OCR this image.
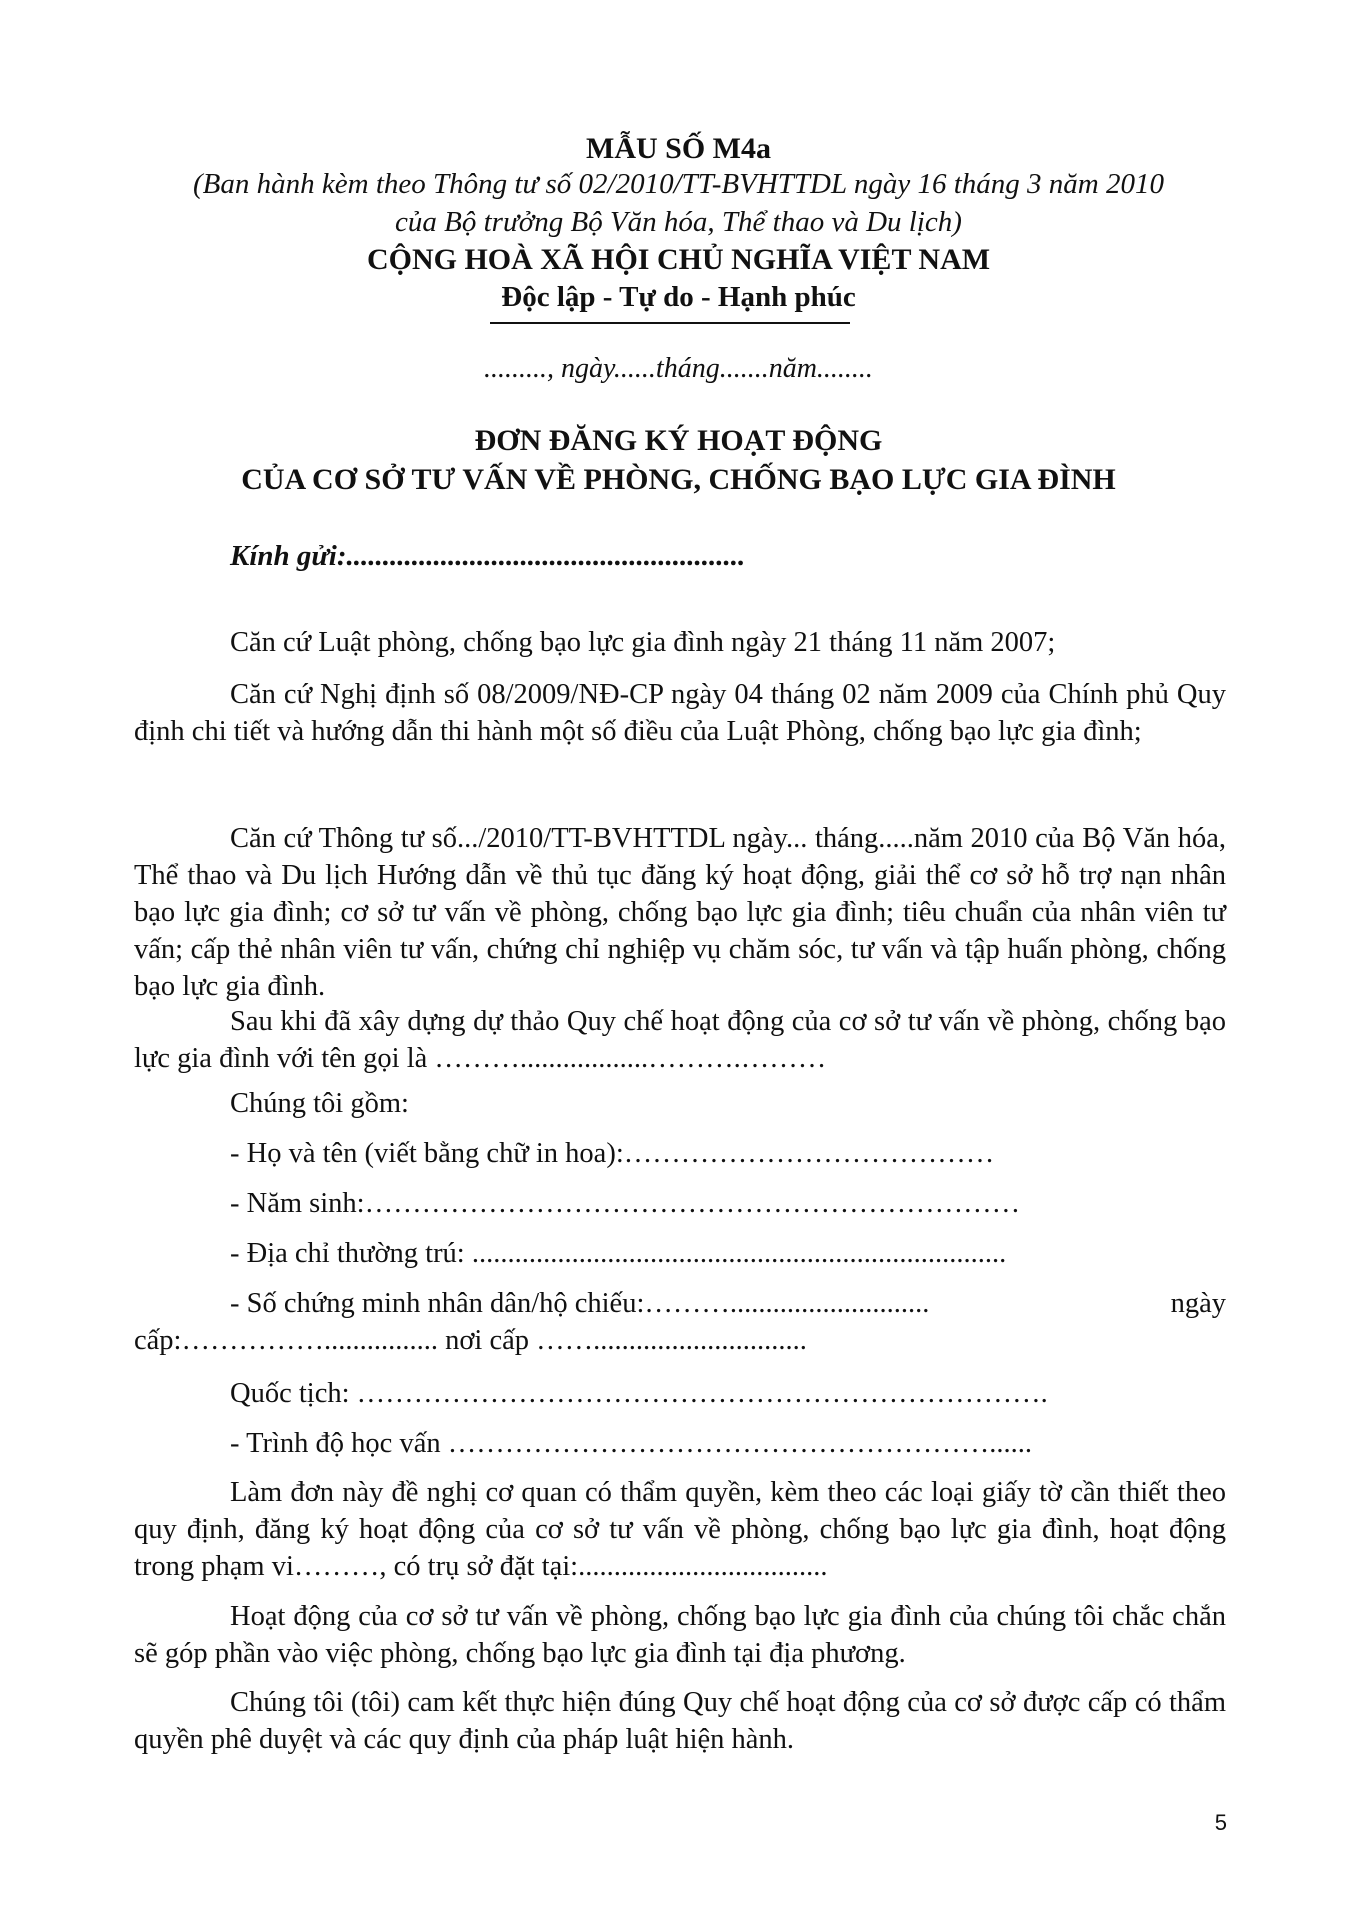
MẪU SỐ M4a
(Ban hành kèm theo Thông tư số 02/2010/TT-BVHTTDL ngày 16 tháng 3 năm 2010
của Bộ trưởng Bộ Văn hóa, Thể thao và Du lịch)
CỘNG HOÀ XÃ HỘI CHỦ NGHĨA VIỆT NAM
Độc lập - Tự do - Hạnh phúc
........., ngày......tháng.......năm........
ĐƠN ĐĂNG KÝ HOẠT ĐỘNG
CỦA CƠ SỞ TƯ VẤN VỀ PHÒNG, CHỐNG BẠO LỰC GIA ĐÌNH
Kính gửi:.......................................................
Căn cứ Luật phòng, chống bạo lực gia đình ngày 21 tháng 11 năm 2007;
Căn cứ Nghị định số 08/2009/NĐ-CP ngày 04 tháng 02 năm 2009 của Chính phủ Quy định chi tiết và hướng dẫn thi hành một số điều của Luật Phòng, chống bạo lực gia đình;
Căn cứ Thông tư số.../2010/TT-BVHTTDL ngày... tháng.....năm 2010 của Bộ Văn hóa, Thể thao và Du lịch Hướng dẫn về thủ tục đăng ký hoạt động, giải thể cơ sở hỗ trợ nạn nhân bạo lực gia đình; cơ sở tư vấn về phòng, chống bạo lực gia đình; tiêu chuẩn của nhân viên tư vấn; cấp thẻ nhân viên tư vấn, chứng chỉ nghiệp vụ chăm sóc, tư vấn và tập huấn phòng, chống bạo lực gia đình.
Sau khi đã xây dựng dự thảo Quy chế hoạt động của cơ sở tư vấn về phòng, chống bạo lực gia đình với tên gọi là ………..................……….………
Chúng tôi gồm:
- Họ và tên (viết bằng chữ in hoa):…………………………………
- Năm sinh:……………………………………………………………
- Địa chỉ thường trú: ...........................................................................
- Số chứng minh nhân dân/hộ chiếu:………............................	ngày
cấp:……………................ nơi cấp ……..............................
Quốc tịch: ……………………………………………………………….
- Trình độ học vấn …………………………………………………......
Làm đơn này đề nghị cơ quan có thẩm quyền, kèm theo các loại giấy tờ cần thiết theo quy định, đăng ký hoạt động của cơ sở tư vấn về phòng, chống bạo lực gia đình, hoạt động trong phạm vi………, có trụ sở đặt tại:...................................
Hoạt động của cơ sở tư vấn về phòng, chống bạo lực gia đình của chúng tôi chắc chắn sẽ góp phần vào việc phòng, chống bạo lực gia đình tại địa phương.
Chúng tôi (tôi) cam kết thực hiện đúng Quy chế hoạt động của cơ sở được cấp có thẩm quyền phê duyệt và các quy định của pháp luật hiện hành.
5
